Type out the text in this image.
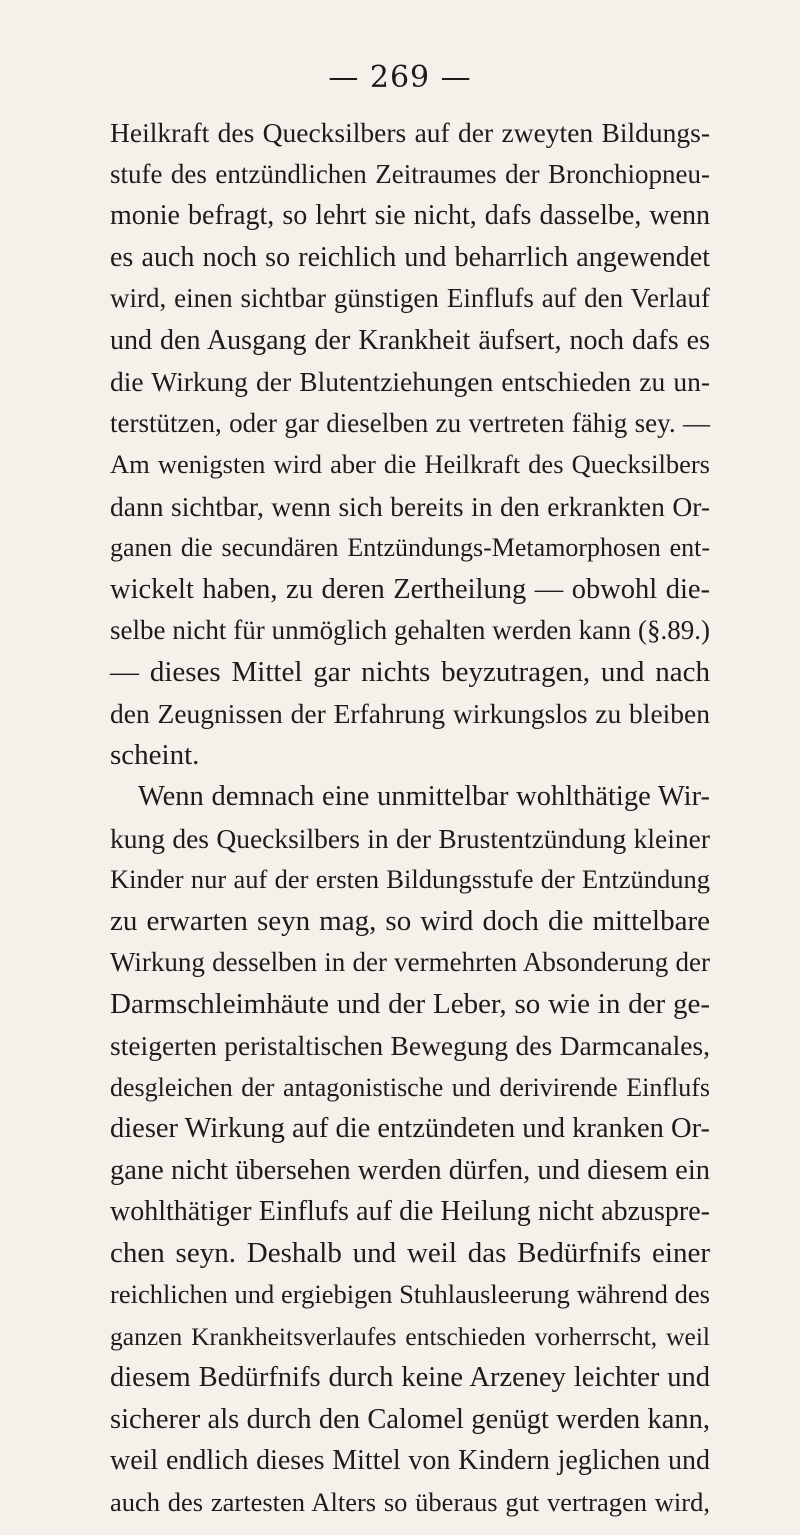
— 269 —
Heilkraft des Quecksilbers auf der zweyten Bildungs-
stufe des entzündlichen Zeitraumes der Bronchiopneu-
monie befragt, so lehrt sie nicht, dafs dasselbe, wenn
es auch noch so reichlich und beharrlich angewendet
wird, einen sichtbar günstigen Einflufs auf den Verlauf
und den Ausgang der Krankheit äufsert, noch dafs es
die Wirkung der Blutentziehungen entschieden zu un-
terstützen, oder gar dieselben zu vertreten fähig sey. —
Am wenigsten wird aber die Heilkraft des Quecksilbers
dann sichtbar, wenn sich bereits in den erkrankten Or-
ganen die secundären Entzündungs-Metamorphosen ent-
wickelt haben, zu deren Zertheilung — obwohl die-
selbe nicht für unmöglich gehalten werden kann (§.89.)
— dieses Mittel gar nichts beyzutragen, und nach
den Zeugnissen der Erfahrung wirkungslos zu bleiben
scheint.
Wenn demnach eine unmittelbar wohlthätige Wir-
kung des Quecksilbers in der Brustentzündung kleiner
Kinder nur auf der ersten Bildungsstufe der Entzündung
zu erwarten seyn mag, so wird doch die mittelbare
Wirkung desselben in der vermehrten Absonderung der
Darmschleimhäute und der Leber, so wie in der ge-
steigerten peristaltischen Bewegung des Darmcanales,
desgleichen der antagonistische und derivirende Einflufs
dieser Wirkung auf die entzündeten und kranken Or-
gane nicht übersehen werden dürfen, und diesem ein
wohlthätiger Einflufs auf die Heilung nicht abzuspre-
chen seyn. Deshalb und weil das Bedürfnifs einer
reichlichen und ergiebigen Stuhlausleerung während des
ganzen Krankheitsverlaufes entschieden vorherrscht, weil
diesem Bedürfnifs durch keine Arzeney leichter und
sicherer als durch den Calomel genügt werden kann,
weil endlich dieses Mittel von Kindern jeglichen und
auch des zartesten Alters so überaus gut vertragen wird,
